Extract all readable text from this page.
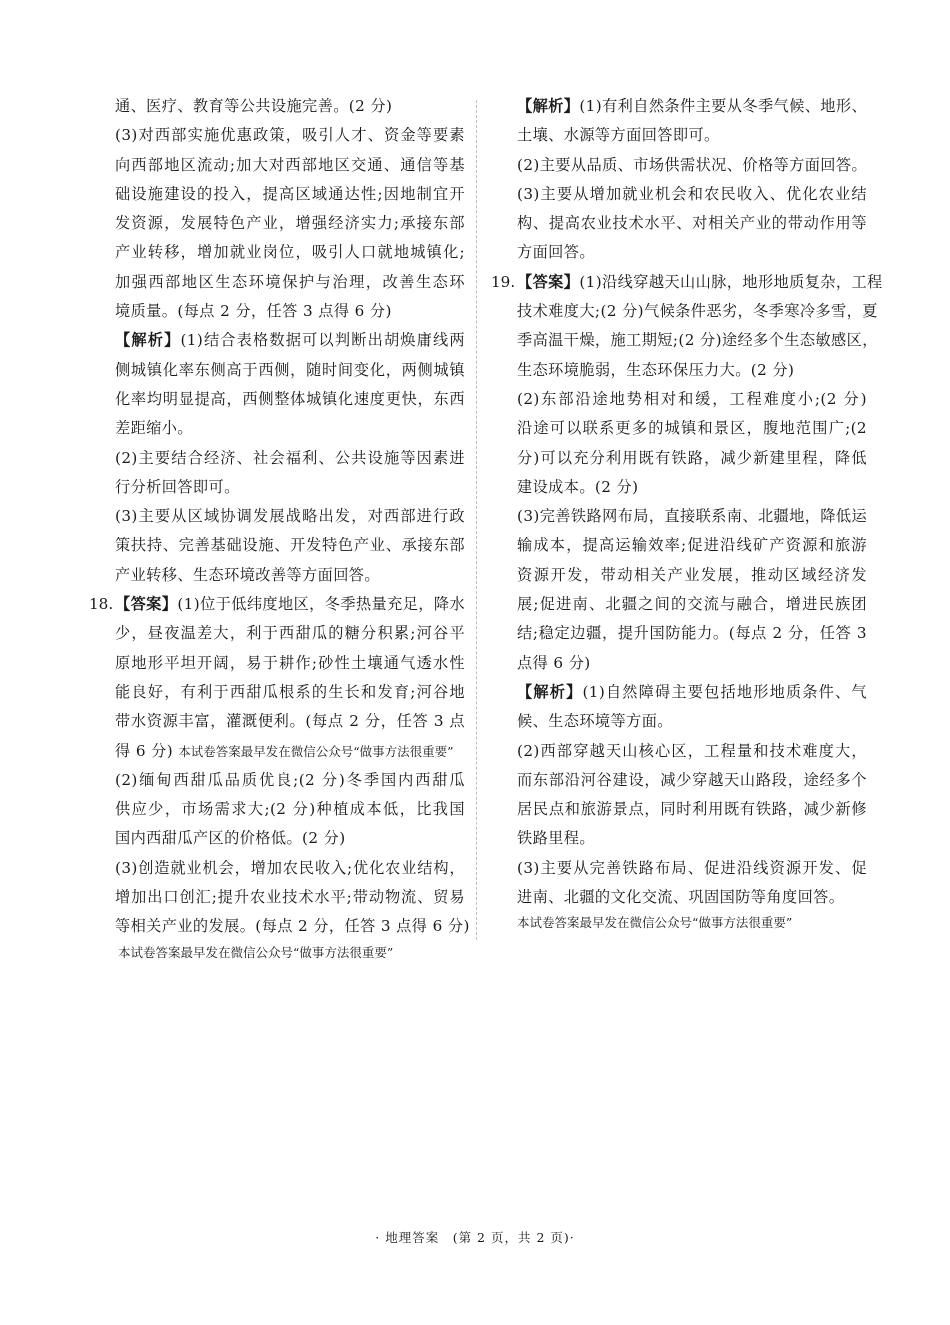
通、医疗、教育等公共设施完善。(2 分)
(3)对西部实施优惠政策，吸引人才、资金等要素
向西部地区流动;加大对西部地区交通、通信等基
础设施建设的投入，提高区域通达性;因地制宜开
发资源，发展特色产业，增强经济实力;承接东部
产业转移，增加就业岗位，吸引人口就地城镇化;
加强西部地区生态环境保护与治理，改善生态环
境质量。(每点 2 分，任答 3 点得 6 分)
【解析】(1)结合表格数据可以判断出胡焕庸线两
侧城镇化率东侧高于西侧，随时间变化，两侧城镇
化率均明显提高，西侧整体城镇化速度更快，东西
差距缩小。
(2)主要结合经济、社会福利、公共设施等因素进
行分析回答即可。
(3)主要从区域协调发展战略出发，对西部进行政
策扶持、完善基础设施、开发特色产业、承接东部
产业转移、生态环境改善等方面回答。
18. 【答案】(1)位于低纬度地区，冬季热量充足，降水
少，昼夜温差大，利于西甜瓜的糖分积累;河谷平
原地形平坦开阔，易于耕作;砂性土壤通气透水性
能良好，有利于西甜瓜根系的生长和发育;河谷地
带水资源丰富，灌溉便利。(每点 2 分，任答 3 点
得 6 分) 本试卷答案最早发在微信公众号“做事方法很重要”
(2)缅甸西甜瓜品质优良;(2 分)冬季国内西甜瓜
供应少，市场需求大;(2 分)种植成本低，比我国
国内西甜瓜产区的价格低。(2 分)
(3)创造就业机会，增加农民收入;优化农业结构，
增加出口创汇;提升农业技术水平;带动物流、贸易
等相关产业的发展。(每点 2 分，任答 3 点得 6 分)
本试卷答案最早发在微信公众号“做事方法很重要”
【解析】(1)有利自然条件主要从冬季气候、地形、
土壤、水源等方面回答即可。
(2)主要从品质、市场供需状况、价格等方面回答。
(3)主要从增加就业机会和农民收入、优化农业结
构、提高农业技术水平、对相关产业的带动作用等
方面回答。
19. 【答案】(1)沿线穿越天山山脉，地形地质复杂，工程
技术难度大;(2 分)气候条件恶劣，冬季寒冷多雪，夏
季高温干燥，施工期短;(2 分)途经多个生态敏感区，
生态环境脆弱，生态环保压力大。(2 分)
(2)东部沿途地势相对和缓，工程难度小;(2 分)
沿途可以联系更多的城镇和景区，腹地范围广;(2
分)可以充分利用既有铁路，减少新建里程，降低
建设成本。(2 分)
(3)完善铁路网布局，直接联系南、北疆地，降低运
输成本，提高运输效率;促进沿线矿产资源和旅游
资源开发，带动相关产业发展，推动区域经济发
展;促进南、北疆之间的交流与融合，增进民族团
结;稳定边疆，提升国防能力。(每点 2 分，任答 3
点得 6 分)
【解析】(1)自然障碍主要包括地形地质条件、气
候、生态环境等方面。
(2)西部穿越天山核心区，工程量和技术难度大，
而东部沿河谷建设，减少穿越天山路段，途经多个
居民点和旅游景点，同时利用既有铁路，减少新修
铁路里程。
(3)主要从完善铁路布局、促进沿线资源开发、促
进南、北疆的文化交流、巩固国防等角度回答。
本试卷答案最早发在微信公众号“做事方法很重要”
· 地理答案　(第 2 页，共 2 页)·
